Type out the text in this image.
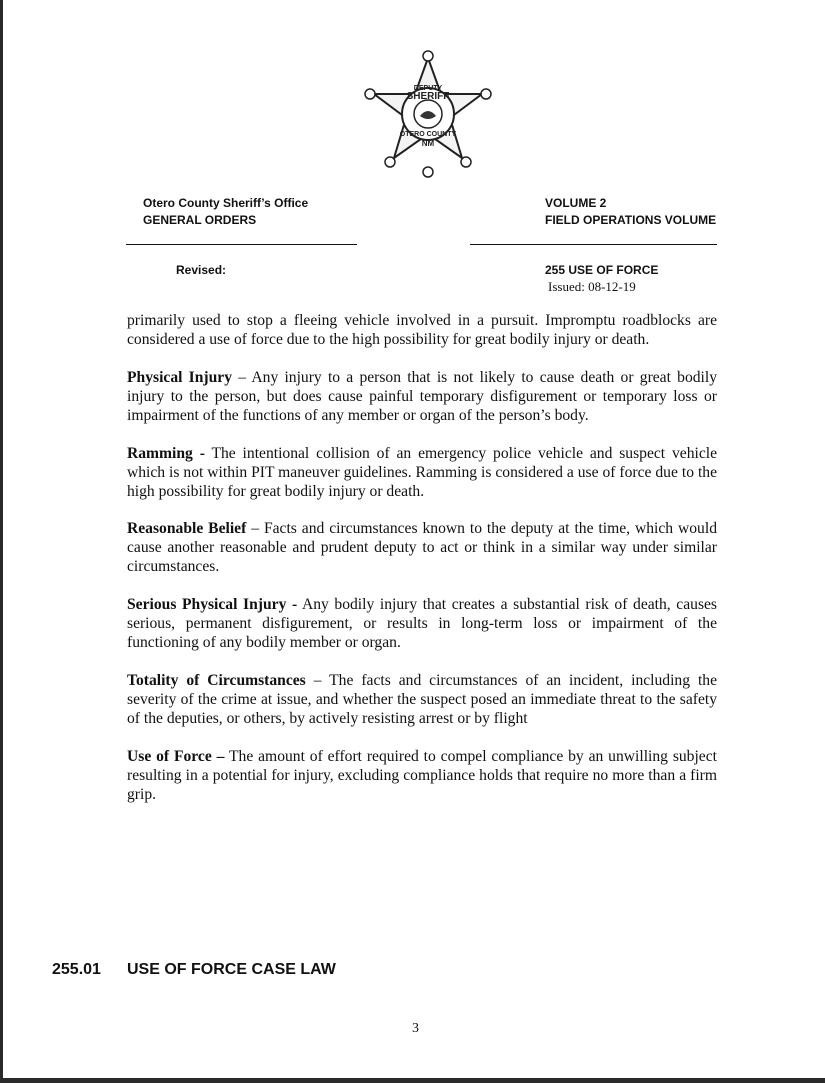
DEPUTY
SHERIFF
OTERO COUNTY
NM
Otero County Sheriff’s Office
GENERAL ORDERS
VOLUME 2
FIELD OPERATIONS VOLUME
Revised:	255 USE OF FORCE
Issued: 08-12-19

primarily used to stop a fleeing vehicle involved in a pursuit. Impromptu roadblocks are considered a use of force due to the high possibility for great bodily injury or death.

Physical Injury – Any injury to a person that is not likely to cause death or great bodily injury to the person, but does cause painful temporary disfigurement or temporary loss or impairment of the functions of any member or organ of the person’s body.

Ramming - The intentional collision of an emergency police vehicle and suspect vehicle which is not within PIT maneuver guidelines. Ramming is considered a use of force due to the high possibility for great bodily injury or death.

Reasonable Belief – Facts and circumstances known to the deputy at the time, which would cause another reasonable and prudent deputy to act or think in a similar way under similar circumstances.

Serious Physical Injury - Any bodily injury that creates a substantial risk of death, causes serious, permanent disfigurement, or results in long-term loss or impairment of the functioning of any bodily member or organ.

Totality of Circumstances – The facts and circumstances of an incident, including the severity of the crime at issue, and whether the suspect posed an immediate threat to the safety of the deputies, or others, by actively resisting arrest or by flight

Use of Force – The amount of effort required to compel compliance by an unwilling subject resulting in a potential for injury, excluding compliance holds that require no more than a firm grip.

255.01 USE OF FORCE CASE LAW
3
